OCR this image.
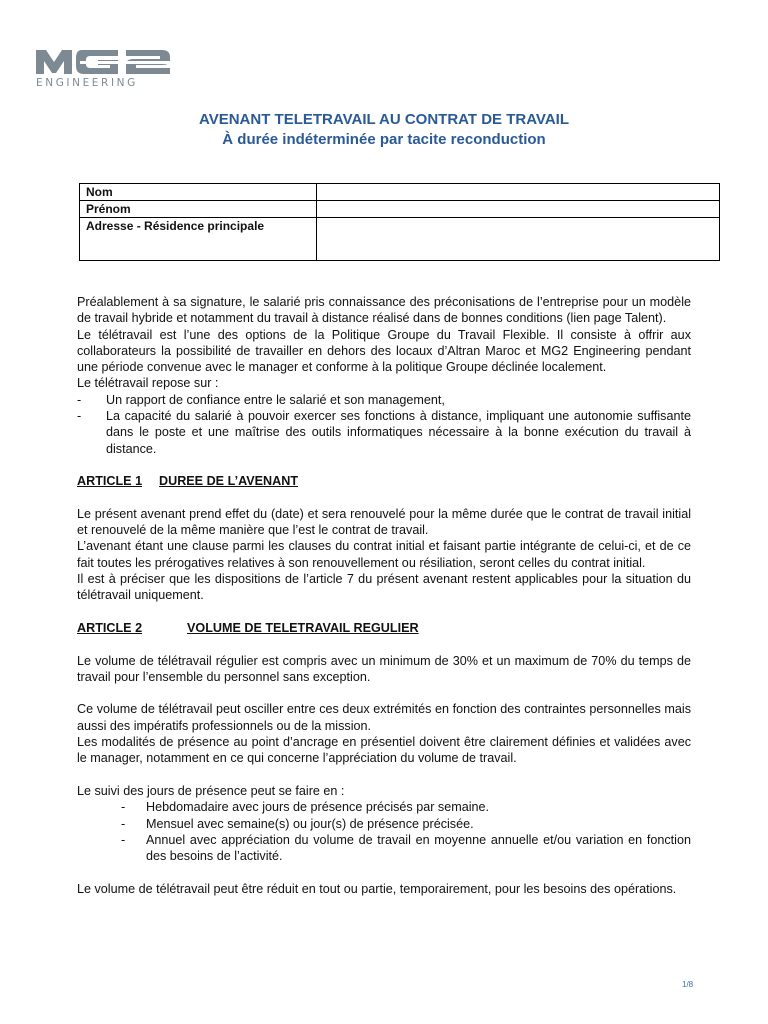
ENGINEERING
AVENANT TELETRAVAIL AU CONTRAT DE TRAVAIL
À durée indéterminée par tacite reconduction
Nom	
Prénom	
Adresse - Résidence principale	

Préalablement à sa signature, le salarié pris connaissance des préconisations de l’entreprise pour un modèle de travail hybride et notamment du travail à distance réalisé dans de bonnes conditions (lien page Talent).

Le télétravail est l’une des options de la Politique Groupe du Travail Flexible. Il consiste à offrir aux collaborateurs la possibilité de travailler en dehors des locaux d’Altran Maroc et MG2 Engineering pendant une période convenue avec le manager et conforme à la politique Groupe déclinée localement.

Le télétravail repose sur :

-	Un rapport de confiance entre le salarié et son management,
-	La capacité du salarié à pouvoir exercer ses fonctions à distance, impliquant une autonomie suffisante dans le poste et une maîtrise des outils informatiques nécessaire à la bonne exécution du travail à distance.

ARTICLE 1	DUREE DE L’AVENANT

Le présent avenant prend effet du (date) et sera renouvelé pour la même durée que le contrat de travail initial et renouvelé de la même manière que l’est le contrat de travail.

L’avenant étant une clause parmi les clauses du contrat initial et faisant partie intégrante de celui-ci, et de ce fait toutes les prérogatives relatives à son renouvellement ou résiliation, seront celles du contrat initial.

Il est à préciser que les dispositions de l’article 7 du présent avenant restent applicables pour la situation du télétravail uniquement.

ARTICLE 2	VOLUME DE TELETRAVAIL REGULIER

Le volume de télétravail régulier est compris avec un minimum de 30% et un maximum de 70% du temps de travail pour l’ensemble du personnel sans exception.

Ce volume de télétravail peut osciller entre ces deux extrémités en fonction des contraintes personnelles mais aussi des impératifs professionnels ou de la mission.

Les modalités de présence au point d’ancrage en présentiel doivent être clairement définies et validées avec le manager, notamment en ce qui concerne l’appréciation du volume de travail.

Le suivi des jours de présence peut se faire en :

-	Hebdomadaire avec jours de présence précisés par semaine.
-	Mensuel avec semaine(s) ou jour(s) de présence précisée.
-	Annuel avec appréciation du volume de travail en moyenne annuelle et/ou variation en fonction des besoins de l’activité.

Le volume de télétravail peut être réduit en tout ou partie, temporairement, pour les besoins des opérations.

1/8
